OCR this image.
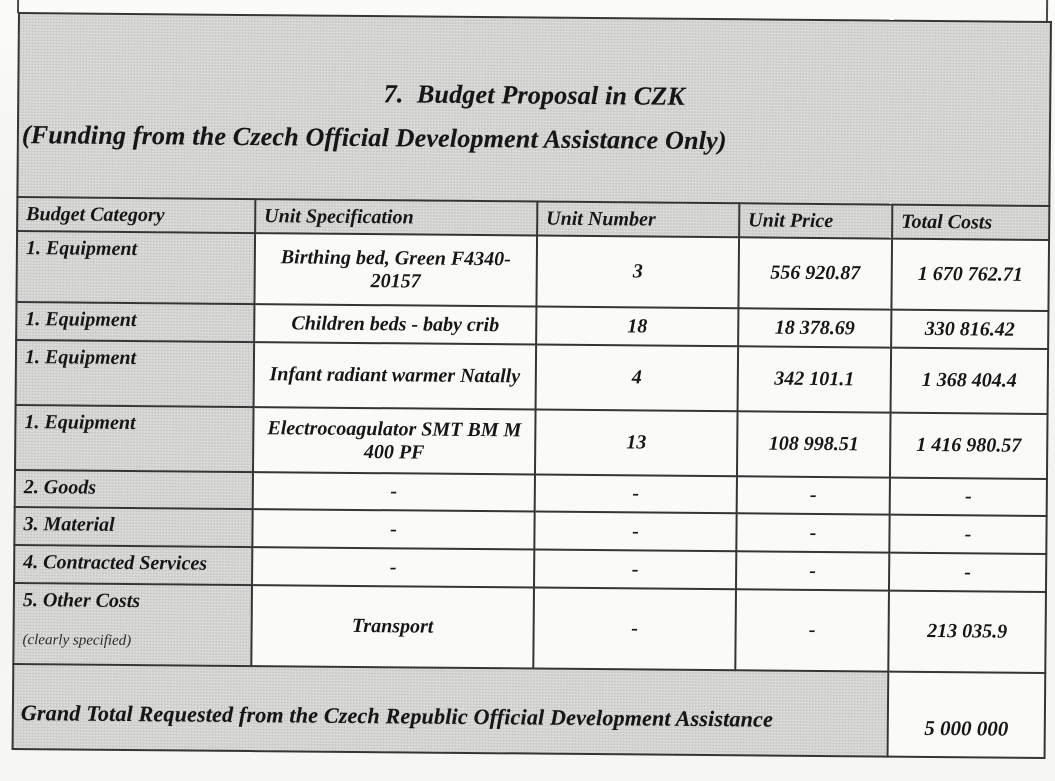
7.  Budget Proposal in CZK
(Funding from the Czech Official Development Assistance Only)				

Budget Category	Unit Specification	Unit Number	Unit Price	Total Costs
1. Equipment	Birthing bed, Green F4340-20157	3	556 920.87	1 670 762.71
1. Equipment	Children beds - baby crib	18	18 378.69	330 816.42
1. Equipment	Infant radiant warmer Natally	4	342 101.1	1 368 404.4
1. Equipment	Electrocoagulator SMT BM M 400 PF	13	108 998.51	1 416 980.57
2. Goods	-	-	-	-
3. Material	-	-	-	-
4. Contracted Services	-	-	-	-
5. Other Costs
(clearly specified)	Transport	-	-	213 035.9
Grand Total Requested from the Czech Republic Official Development Assistance				5 000 000
